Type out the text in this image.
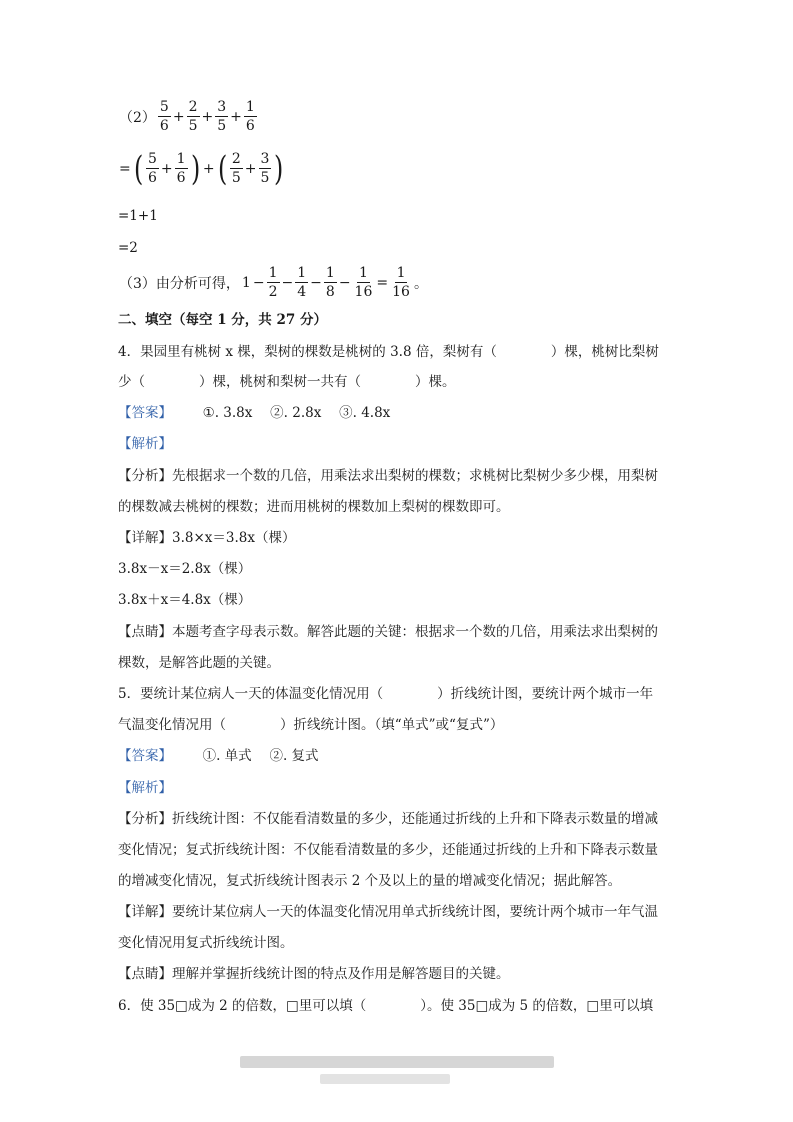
$(2) \frac{5}{6} + \frac{2}{5} + \frac{3}{5} + \frac{1}{6}$
= ( $\frac{5}{6} + \frac{1}{6}$ ) + ( $\frac{2}{5} + \frac{3}{5}$ )
=1+1
=2
（3）由分析可得， $1 - \frac{1}{2} - \frac{1}{4} - \frac{1}{8} - \frac{1}{16} = \frac{1}{16}$ 。
二、填空（每空 1 分，共 27 分）
4．果园里有桃树 x 棵，梨树的棵数是桃树的 3.8 倍，梨树有（　　　　）棵，桃树比梨树
少（　　　　）棵，桃树和梨树一共有（　　　　）棵。
【答案】 ①. 3.8x　 ②. 2.8x　 ③. 4.8x
【解析】
【分析】先根据求一个数的几倍，用乘法求出梨树的棵数；求桃树比梨树少多少棵，用梨树
的棵数减去桃树的棵数；进而用桃树的棵数加上梨树的棵数即可。
【详解】3.8×x＝3.8x（棵）
3.8x－x＝2.8x（棵）
3.8x＋x＝4.8x（棵）
【点睛】本题考查字母表示数。解答此题的关键：根据求一个数的几倍，用乘法求出梨树的
棵数，是解答此题的关键。
5．要统计某位病人一天的体温变化情况用（　　　　）折线统计图，要统计两个城市一年
气温变化情况用（　　　　）折线统计图。（填“单式”或“复式”）
【答案】 ①. 单式　 ②. 复式
【解析】
【分析】折线统计图：不仅能看清数量的多少，还能通过折线的上升和下降表示数量的增减
变化情况；复式折线统计图：不仅能看清数量的多少，还能通过折线的上升和下降表示数量
的增减变化情况，复式折线统计图表示 2 个及以上的量的增减变化情况；据此解答。
【详解】要统计某位病人一天的体温变化情况用单式折线统计图，要统计两个城市一年气温
变化情况用复式折线统计图。
【点睛】理解并掌握折线统计图的特点及作用是解答题目的关键。
6．使 35□成为 2 的倍数，□里可以填（　　　　）。使 35□成为 5 的倍数，□里可以填
